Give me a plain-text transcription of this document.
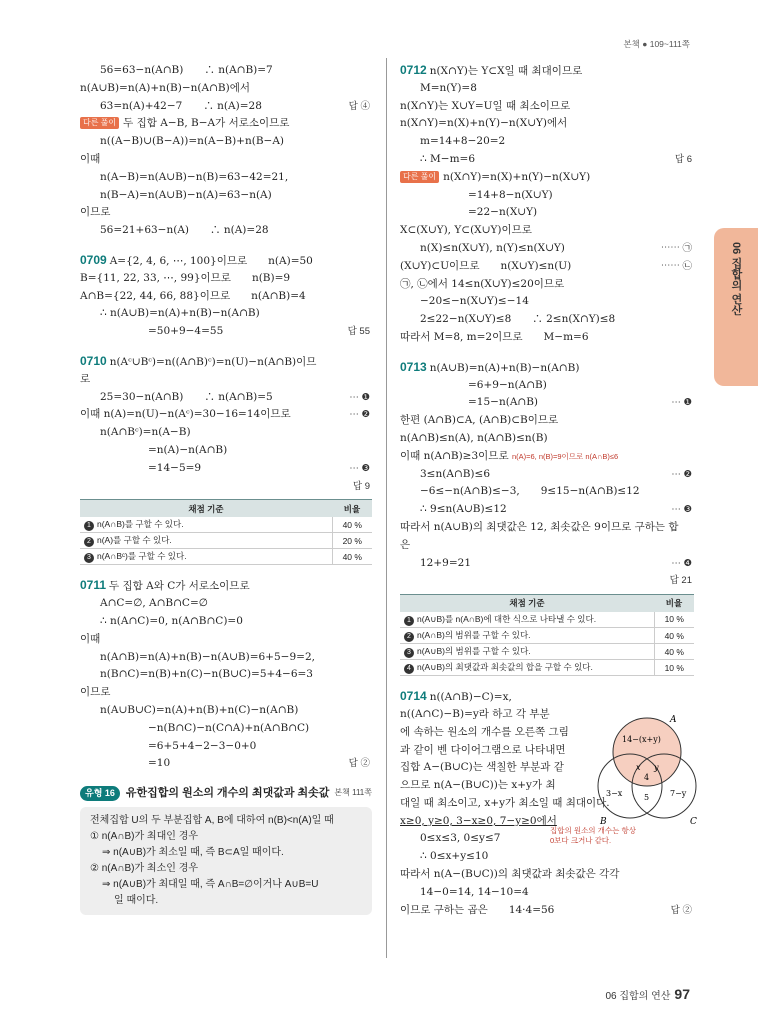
본책 ● 109~111쪽
06 집합의 연산
56=63−n(A∩B)　　∴ n(A∩B)=7
n(A∪B)=n(A)+n(B)−n(A∩B)에서
63=n(A)+42−7　　∴ n(A)=28	답 ④
다른 풀이 두 집합 A−B, B−A가 서로소이므로
n((A−B)∪(B−A))=n(A−B)+n(B−A)
이때
n(A−B)=n(A∪B)−n(B)=63−42=21,
n(B−A)=n(A∪B)−n(A)=63−n(A)
이므로
56=21+63−n(A)　　∴ n(A)=28
0709 A={2, 4, 6, ⋯, 100}이므로　　n(A)=50
B={11, 22, 33, ⋯, 99}이므로　　n(B)=9
A∩B={22, 44, 66, 88}이므로　　n(A∩B)=4
∴ n(A∪B)=n(A)+n(B)−n(A∩B)
=50+9−4=55	답 55
0710 n(Aᶜ∪Bᶜ)=n((A∩B)ᶜ)=n(U)−n(A∩B)이므
로
25=30−n(A∩B)　　∴ n(A∩B)=5	⋯ ❶
이때 n(A)=n(U)−n(Aᶜ)=30−16=14이므로	⋯ ❷
n(A∩Bᶜ)=n(A−B)
=n(A)−n(A∩B)
=14−5=9	⋯ ❸
답 9
채점 기준	비율
1 n(A∩B)를 구할 수 있다.	40 %
2 n(A)를 구할 수 있다.	20 %
3 n(A∩Bᶜ)를 구할 수 있다.	40 %
0711 두 집합 A와 C가 서로소이므로
A∩C=∅, A∩B∩C=∅
∴ n(A∩C)=0, n(A∩B∩C)=0
이때
n(A∩B)=n(A)+n(B)−n(A∪B)=6+5−9=2,
n(B∩C)=n(B)+n(C)−n(B∪C)=5+4−6=3
이므로
n(A∪B∪C)=n(A)+n(B)+n(C)−n(A∩B)
−n(B∩C)−n(C∩A)+n(A∩B∩C)
=6+5+4−2−3−0+0
=10	답 ②
유형 16 유한집합의 원소의 개수의 최댓값과 최솟값 본책 111쪽
전체집합 U의 두 부분집합 A, B에 대하여 n(B)<n(A)일 때
① n(A∩B)가 최대인 경우
⇒ n(A∪B)가 최소일 때, 즉 B⊂A일 때이다.
② n(A∩B)가 최소인 경우
⇒ n(A∪B)가 최대일 때, 즉 A∩B=∅이거나 A∪B=U
일 때이다.
0712 n(X∩Y)는 Y⊂X일 때 최대이므로
M=n(Y)=8
n(X∩Y)는 X∪Y=U일 때 최소이므로
n(X∩Y)=n(X)+n(Y)−n(X∪Y)에서
m=14+8−20=2
∴ M−m=6	답 6
다른 풀이 n(X∩Y)=n(X)+n(Y)−n(X∪Y)
=14+8−n(X∪Y)
=22−n(X∪Y)
X⊂(X∪Y), Y⊂(X∪Y)이므로
n(X)≤n(X∪Y), n(Y)≤n(X∪Y)	⋯⋯ ㉠
(X∪Y)⊂U이므로　　n(X∪Y)≤n(U)	⋯⋯ ㉡
㉠, ㉡에서 14≤n(X∪Y)≤20이므로
−20≤−n(X∪Y)≤−14
2≤22−n(X∪Y)≤8　　∴ 2≤n(X∩Y)≤8
따라서 M=8, m=2이므로　　M−m=6
0713 n(A∪B)=n(A)+n(B)−n(A∩B)
=6+9−n(A∩B)
=15−n(A∩B)	⋯ ❶
한편 (A∩B)⊂A, (A∩B)⊂B이므로
n(A∩B)≤n(A), n(A∩B)≤n(B)
이때 n(A∩B)≥3이므로 n(A)=6, n(B)=9이므로 n(A∩B)≤6
3≤n(A∩B)≤6	⋯ ❷
−6≤−n(A∩B)≤−3,　　9≤15−n(A∩B)≤12
∴ 9≤n(A∪B)≤12	⋯ ❸
따라서 n(A∪B)의 최댓값은 12, 최솟값은 9이므로 구하는 합
은
12+9=21	⋯ ❹
답 21
채점 기준	비율
1 n(A∪B)를 n(A∩B)에 대한 식으로 나타낼 수 있다.	10 %
2 n(A∩B)의 범위를 구할 수 있다.	40 %
3 n(A∪B)의 범위를 구할 수 있다.	40 %
4 n(A∪B)의 최댓값과 최솟값의 합을 구할 수 있다.	10 %
0714 n((A∩B)−C)=x,
n((A∩C)−B)=y라 하고 각 부분
에 속하는 원소의 개수를 오른쪽 그림
과 같이 벤 다이어그램으로 나타내면
집합 A−(B∪C)는 색칠한 부분과 같
으므로 n(A−(B∪C))는 x+y가 최
대일 때 최소이고, x+y가 최소일 때 최대이다.
x≥0, y≥0, 3−x≥0, 7−y≥0에서
0≤x≤3, 0≤y≤7
집합의 원소의 개수는 항상
0보다 크거나 같다.
∴ 0≤x+y≤10
따라서 n(A−(B∪C))의 최댓값과 최솟값은 각각
14−0=14, 14−10=4
이므로 구하는 곱은　　14·4=56	답 ②
A
B	C
14−(x+y)
x y
4
5
3−x	7−y
06 집합의 연산 97
